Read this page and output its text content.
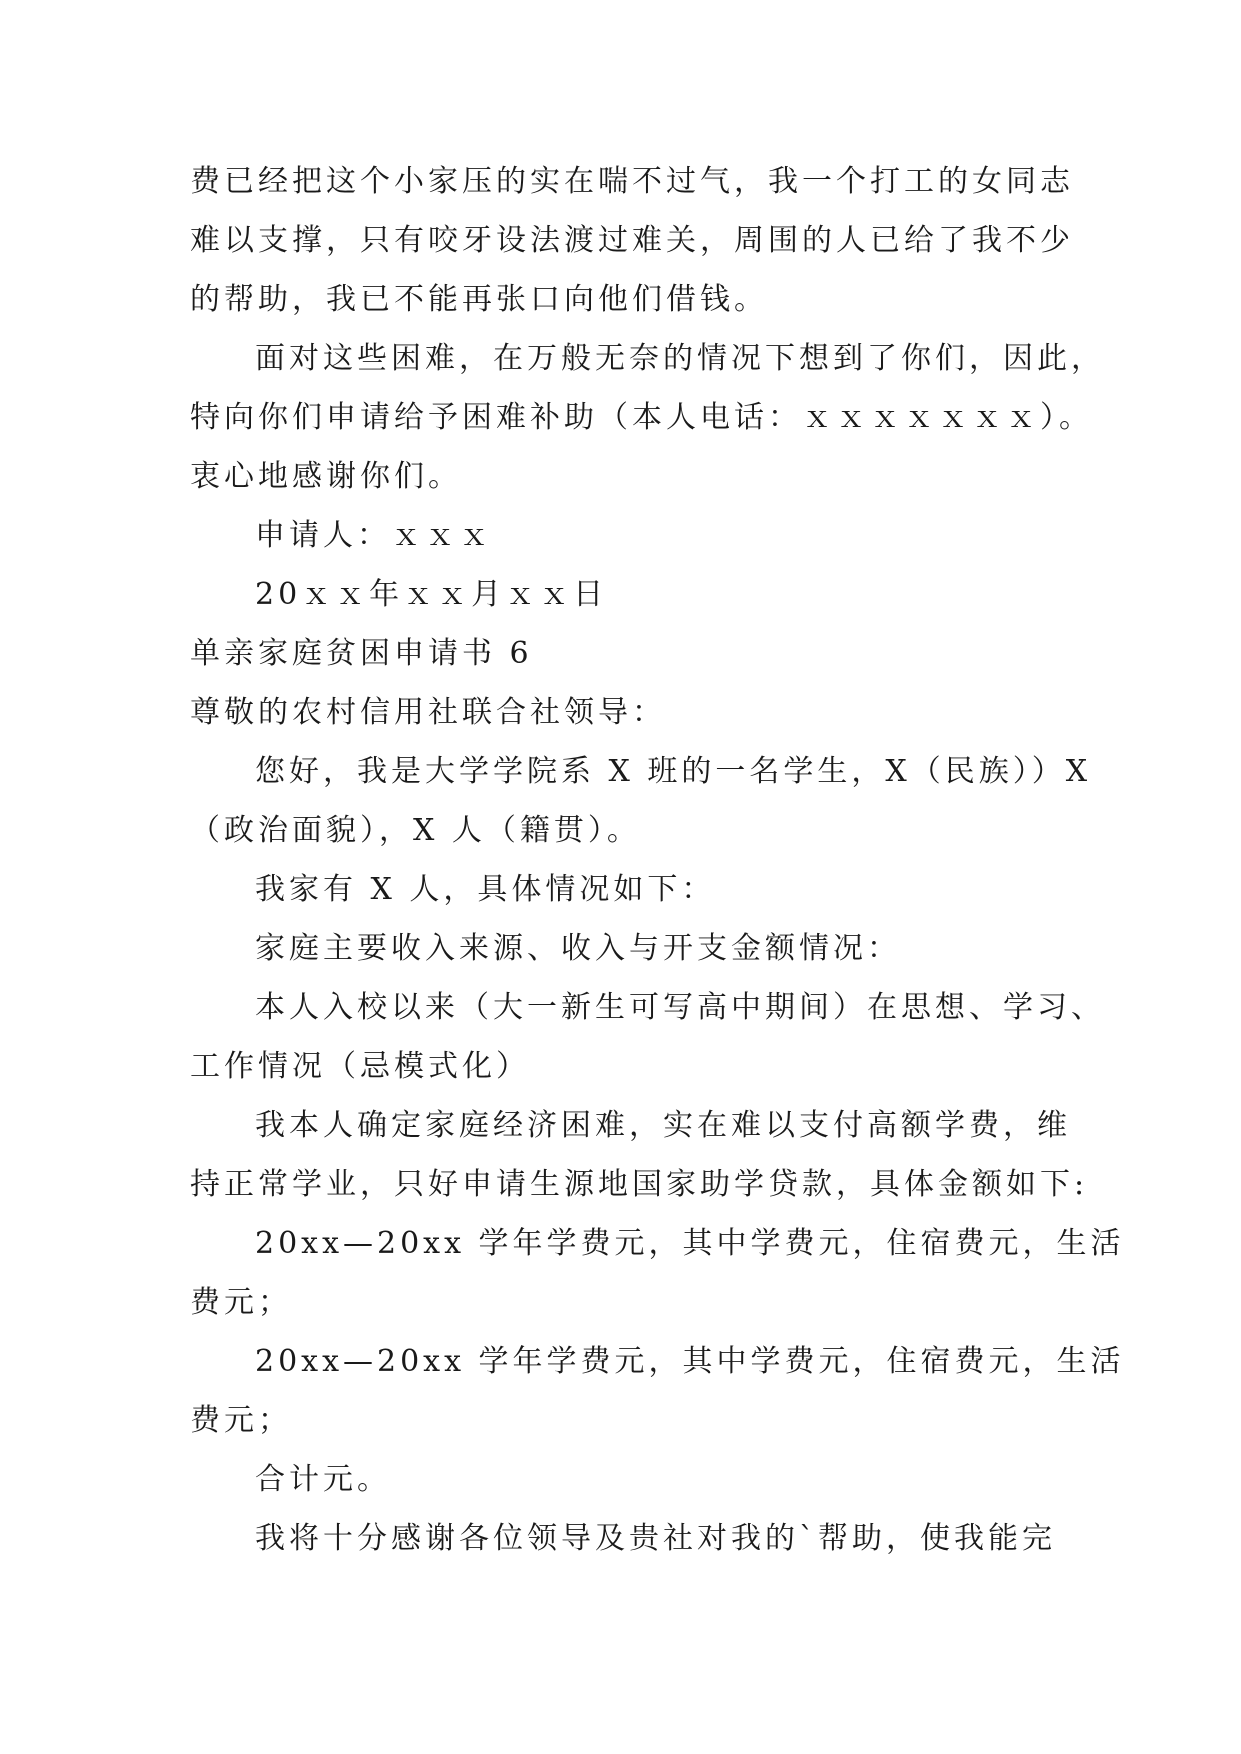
费已经把这个小家压的实在喘不过气，我一个打工的女同志
难以支撑，只有咬牙设法渡过难关，周围的人已给了我不少
的帮助，我已不能再张口向他们借钱。
面对这些困难，在万般无奈的情况下想到了你们，因此，
特向你们申请给予困难补助（本人电话：ｘｘｘｘｘｘｘ）。
衷心地感谢你们。
申请人：ｘｘｘ
20ｘｘ年ｘｘ月ｘｘ日
单亲家庭贫困申请书 6
尊敬的农村信用社联合社领导：
您好，我是大学学院系 X 班的一名学生，X（民族））X
（政治面貌），X 人（籍贯）。
我家有 X 人，具体情况如下：
家庭主要收入来源、收入与开支金额情况：
本人入校以来（大一新生可写高中期间）在思想、学习、
工作情况（忌模式化）
我本人确定家庭经济困难，实在难以支付高额学费，维
持正常学业，只好申请生源地国家助学贷款，具体金额如下:
20xx—20xx 学年学费元，其中学费元，住宿费元，生活
费元；
20xx—20xx 学年学费元，其中学费元，住宿费元，生活
费元；
合计元。
我将十分感谢各位领导及贵社对我的`帮助，使我能完
